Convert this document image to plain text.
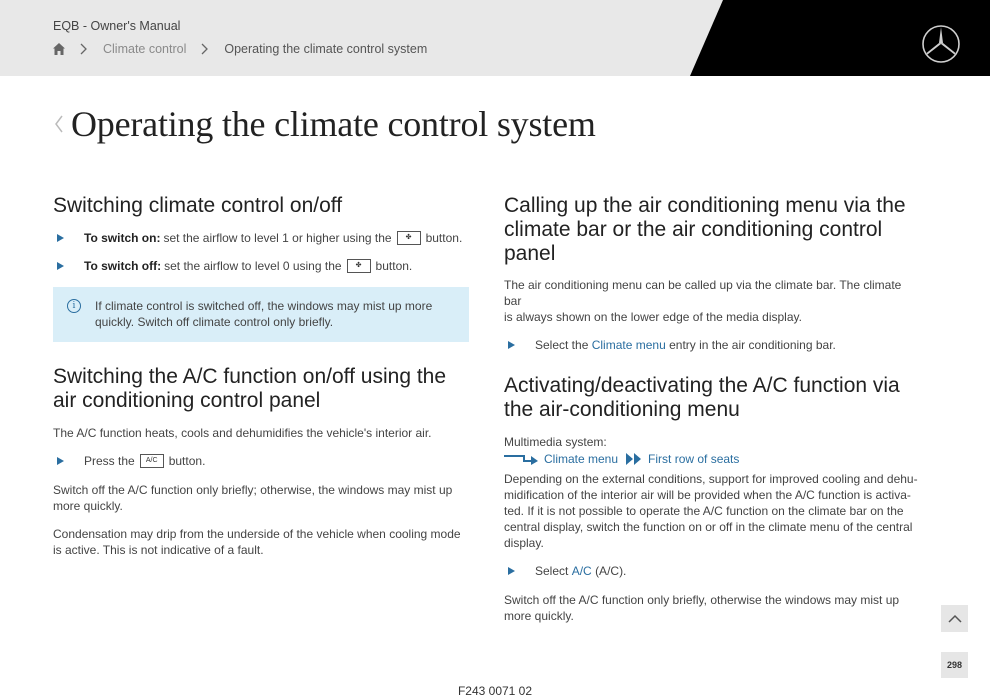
EQB - Owner's Manual
Climate control	Operating the climate control system
Operating the climate control system
Switching climate control on/off
To switch on: set the airflow to level 1 or higher using the	✤	button.
To switch off: set the airflow to level 0 using the	✤	button.
i	If climate control is switched off, the windows may mist up more
quickly. Switch off climate control only briefly.
Switching the A/C function on/off using the
air conditioning control panel

The A/C function heats, cools and dehumidifies the vehicle's interior air.

Press the	A/C button.

Switch off the A/C function only briefly; otherwise, the windows may mist up
more quickly.

Condensation may drip from the underside of the vehicle when cooling mode
is active. This is not indicative of a fault.

Calling up the air conditioning menu via the
climate bar or the air conditioning control
panel

The air conditioning menu can be called up via the climate bar. The climate bar
is always shown on the lower edge of the media display.

Select the
Climate menu
entry in the air conditioning bar.
Activating/deactivating the A/C function via
the air-conditioning menu

Multimedia system:

Climate menu	First row of seats

Depending on the external conditions, support for improved cooling and dehu-
midification of the interior air will be provided when the A/C function is activa-
ted. If it is not possible to operate the A/C function on the climate bar on the
central display, switch the function on or off in the climate menu of the central
display.

Select
A/C
(A/C).

Switch off the A/C function only briefly, otherwise the windows may mist up
more quickly.

298
F243 0071 02
